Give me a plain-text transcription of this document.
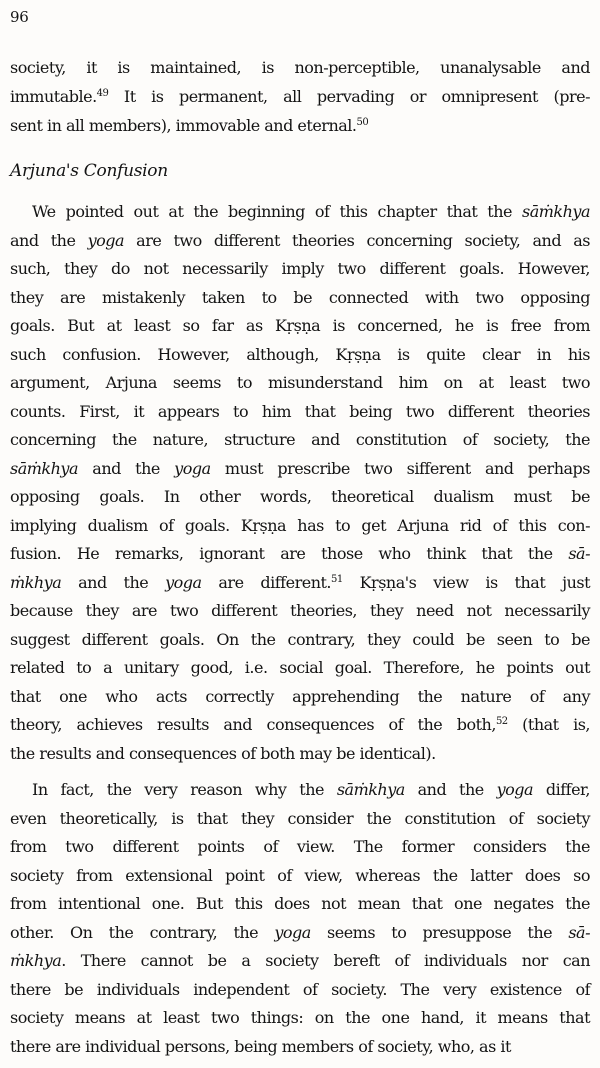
96
society, it is maintained, is non-perceptible, unanalysable and
immutable.$^{49}$ It is permanent, all pervading or omnipresent (pre-
sent in all members), immovable and eternal.$^{50}$
Arjuna's Confusion
We pointed out at the beginning of this chapter that the sāṁkhya
and the yoga are two different theories concerning society, and as
such, they do not necessarily imply two different goals. However,
they are mistakenly taken to be connected with two opposing
goals. But at least so far as Kṛṣṇa is concerned, he is free from
such confusion. However, although, Kṛṣṇa is quite clear in his
argument, Arjuna seems to misunderstand him on at least two
counts. First, it appears to him that being two different theories
concerning the nature, structure and constitution of society, the
sāṁkhya and the yoga must prescribe two sifferent and perhaps
opposing goals. In other words, theoretical dualism must be
implying dualism of goals. Kṛṣṇa has to get Arjuna rid of this con-
fusion. He remarks, ignorant are those who think that the sā-
ṁkhya and the yoga are different.$^{51}$ Kṛṣṇa's view is that just
because they are two different theories, they need not necessarily
suggest different goals. On the contrary, they could be seen to be
related to a unitary good, i.e. social goal. Therefore, he points out
that one who acts correctly apprehending the nature of any
theory, achieves results and consequences of the both,$^{52}$ (that is,
the results and consequences of both may be identical).
In fact, the very reason why the sāṁkhya and the yoga differ,
even theoretically, is that they consider the constitution of society
from two different points of view. The former considers the
society from extensional point of view, whereas the latter does so
from intentional one. But this does not mean that one negates the
other. On the contrary, the yoga seems to presuppose the sā-
ṁkhya. There cannot be a society bereft of individuals nor can
there be individuals independent of society. The very existence of
society means at least two things: on the one hand, it means that
there are individual persons, being members of society, who, as it
